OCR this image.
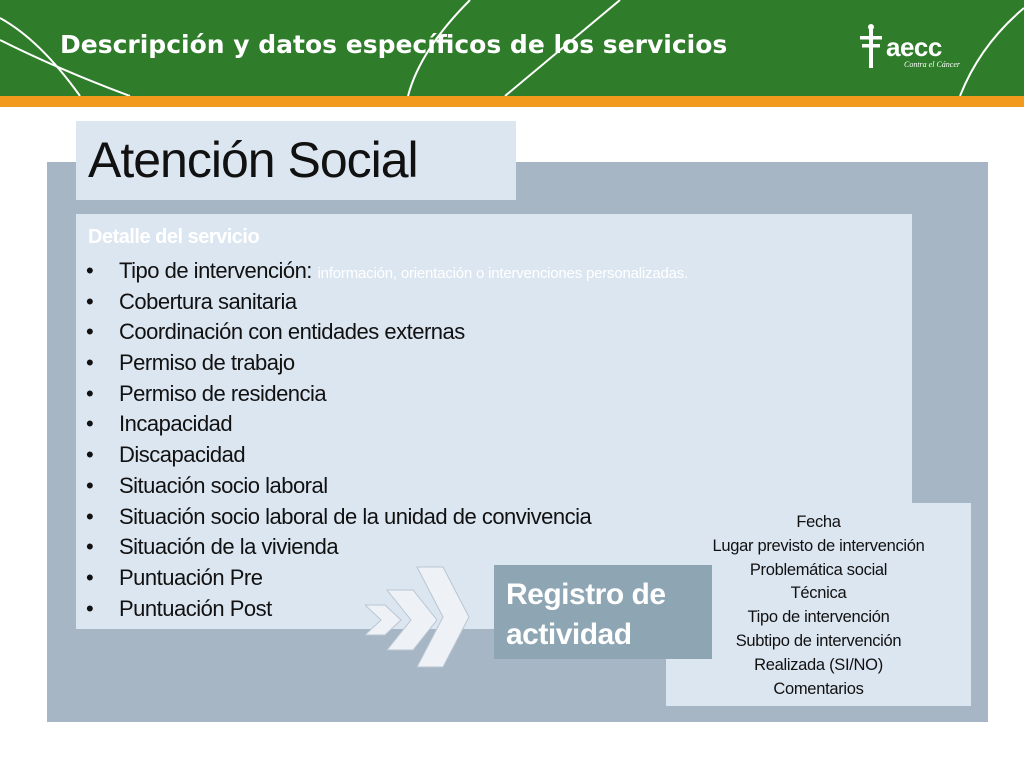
Descripción y datos específicos de los servicios	aecc
Contra el Cáncer
Atención Social
Detalle del servicio
• Tipo de intervención: información, orientación o intervenciones personalizadas.
• Cobertura sanitaria
• Coordinación con entidades externas
• Permiso de trabajo
• Permiso de residencia
• Incapacidad
• Discapacidad
• Situación socio laboral
• Situación socio laboral de la unidad de convivencia
• Situación de la vivienda
• Puntuación Pre
• Puntuación Post
Fecha
Lugar previsto de intervención
Problemática social
Técnica
Tipo de intervención
Subtipo de intervención
Realizada (SI/NO)
Comentarios
Registro de
actividad
